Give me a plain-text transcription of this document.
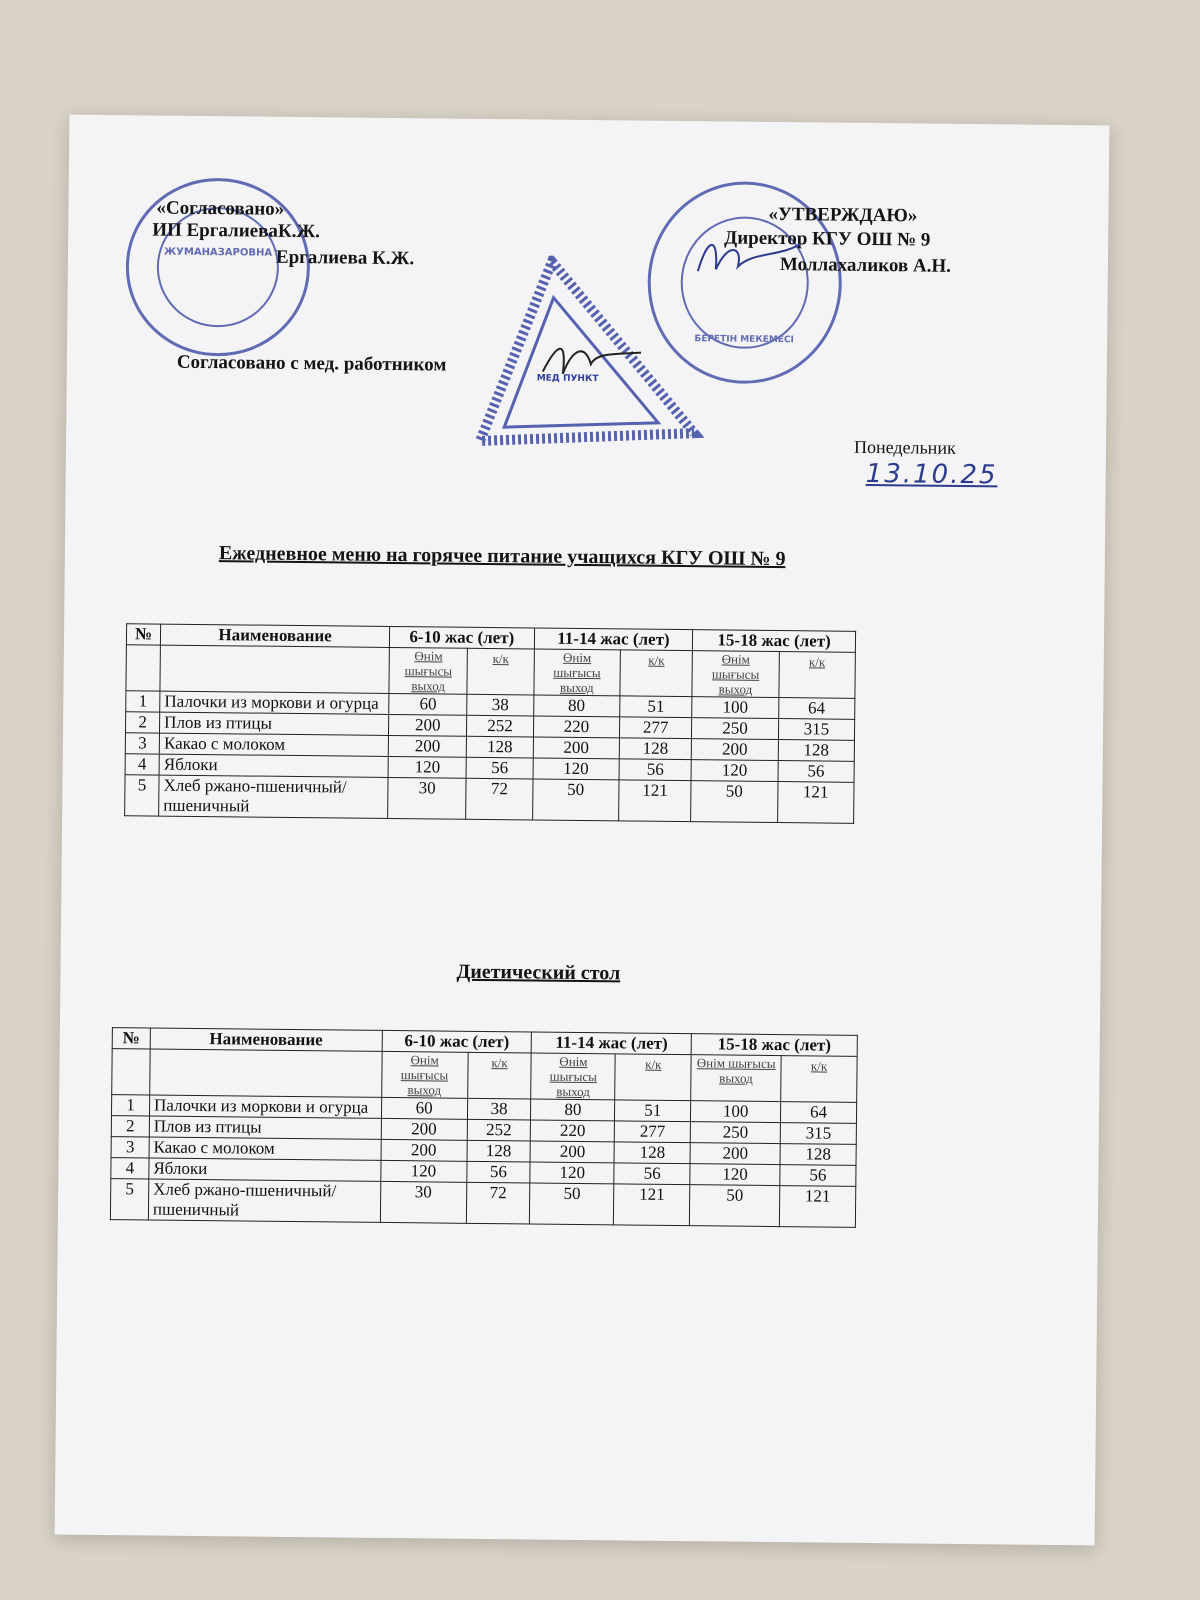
ЖУМАНАЗАРОВНА
БЕРЕТІН МЕКЕМЕСІ
МЕД ПУНКТ
«Согласовано»
ИП ЕргалиеваК.Ж.
Ергалиева К.Ж.
«УТВЕРЖДАЮ»
Директор КГУ ОШ № 9
Моллахаликов А.Н.
Согласовано с мед. работником
Понедельник
13.10.25
Ежедневное меню на горячее питание учащихся КГУ ОШ № 9
№	Наименование	6-10 жас (лет)		11-14 жас (лет)		15-18 жас (лет)	
		Өнім шығысы выход	к/к	Өнім шығысы выход	к/к	Өнім шығысы выход	к/к
1	Палочки из моркови и огурца	60	38	80	51	100	64
2	Плов из птицы	200	252	220	277	250	315
3	Какао с молоком	200	128	200	128	200	128
4	Яблоки	120	56	120	56	120	56
5	Хлеб ржано-пшеничный/пшеничный	30	72	50	121	50	121
Диетический стол
№	Наименование	6-10 жас (лет)		11-14 жас (лет)		15-18 жас (лет)	
		Өнім шығысы выход	к/к	Өнім шығысы выход	к/к	Өнім шығысы выход	к/к
1	Палочки из моркови и огурца	60	38	80	51	100	64
2	Плов из птицы	200	252	220	277	250	315
3	Какао с молоком	200	128	200	128	200	128
4	Яблоки	120	56	120	56	120	56
5	Хлеб ржано-пшеничный/пшеничный	30	72	50	121	50	121
